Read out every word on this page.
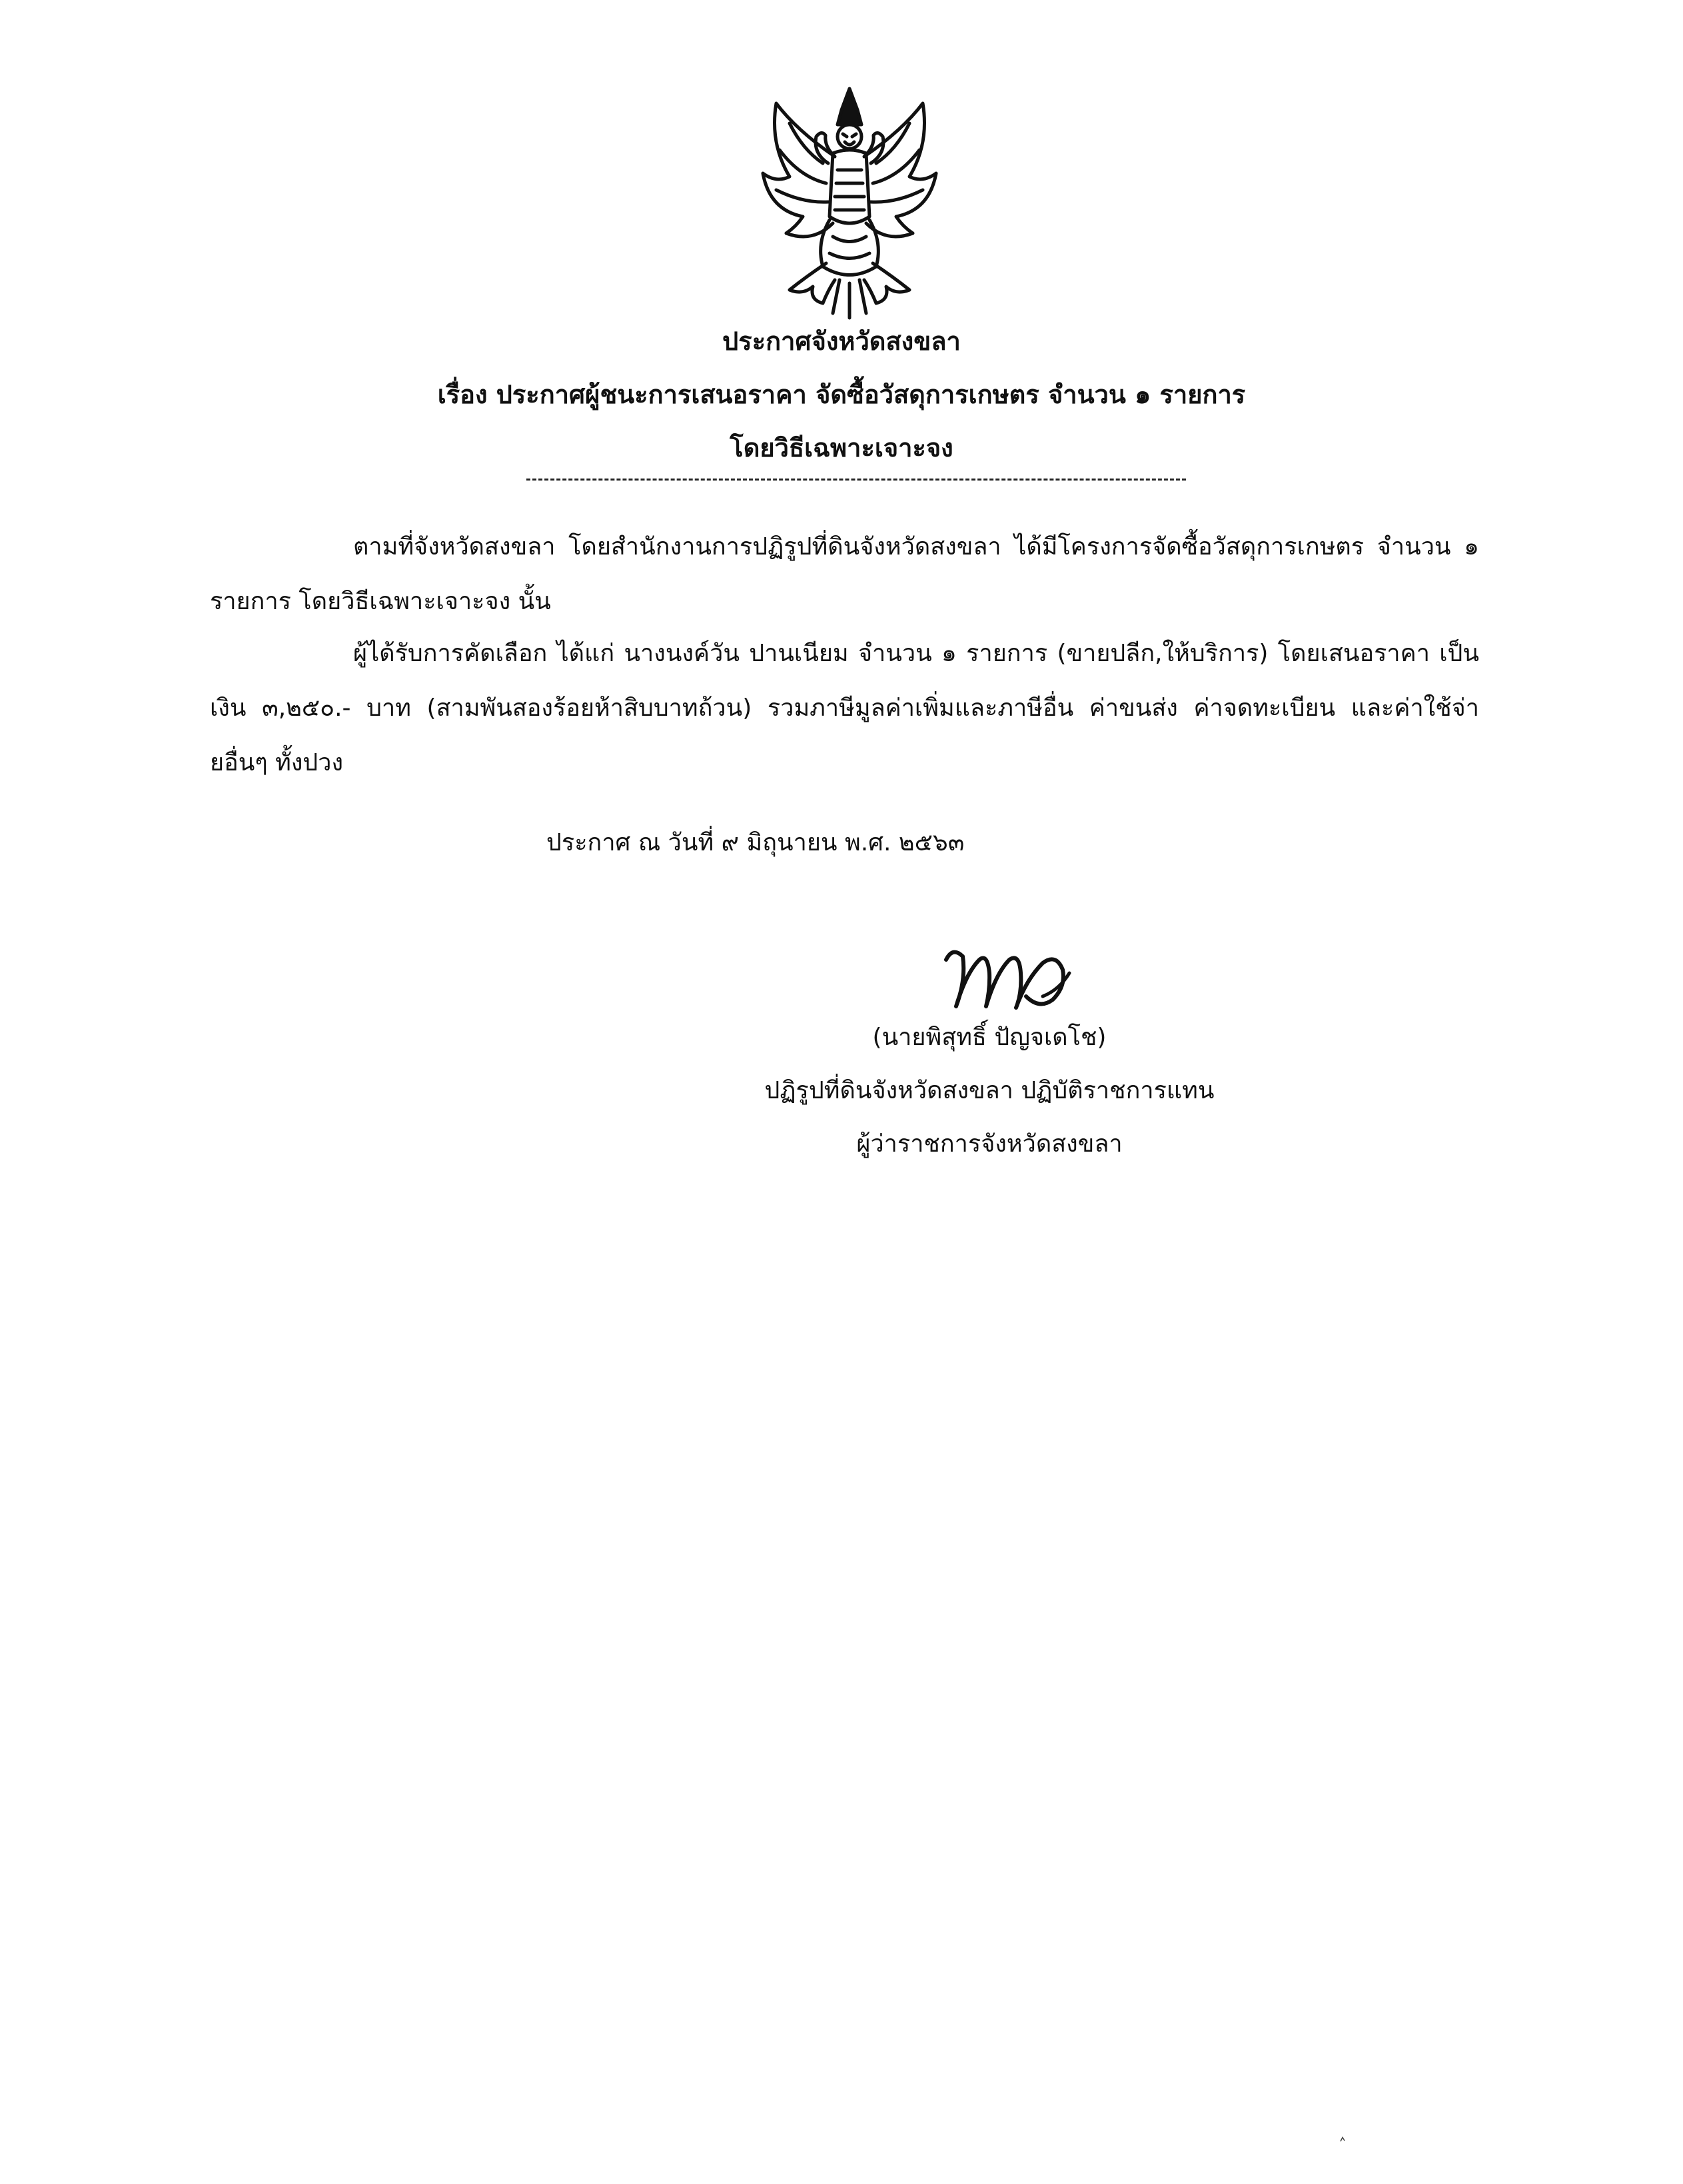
ประกาศจังหวัดสงขลา
เรื่อง ประกาศผู้ชนะการเสนอราคา จัดซื้อวัสดุการเกษตร จำนวน ๑ รายการ
โดยวิธีเฉพาะเจาะจง

ตามที่จังหวัดสงขลา โดยสำนักงานการปฏิรูปที่ดินจังหวัดสงขลา ได้มีโครงการจัดซื้อวัสดุการเกษตร จำนวน ๑ รายการ โดยวิธีเฉพาะเจาะจง นั้น

ผู้ได้รับการคัดเลือก ได้แก่ นางนงค์วัน ปานเนียม จำนวน ๑ รายการ (ขายปลีก,ให้บริการ) โดยเสนอราคา เป็นเงิน ๓,๒๕๐.- บาท (สามพันสองร้อยห้าสิบบาทถ้วน) รวมภาษีมูลค่าเพิ่มและภาษีอื่น ค่าขนส่ง ค่าจดทะเบียน และค่าใช้จ่ายอื่นๆ ทั้งปวง

ประกาศ ณ วันที่ ๙ มิถุนายน พ.ศ. ๒๕๖๓
(นายพิสุทธิ์ ปัญจเดโช)
ปฏิรูปที่ดินจังหวัดสงขลา ปฏิบัติราชการแทน
ผู้ว่าราชการจังหวัดสงขลา
